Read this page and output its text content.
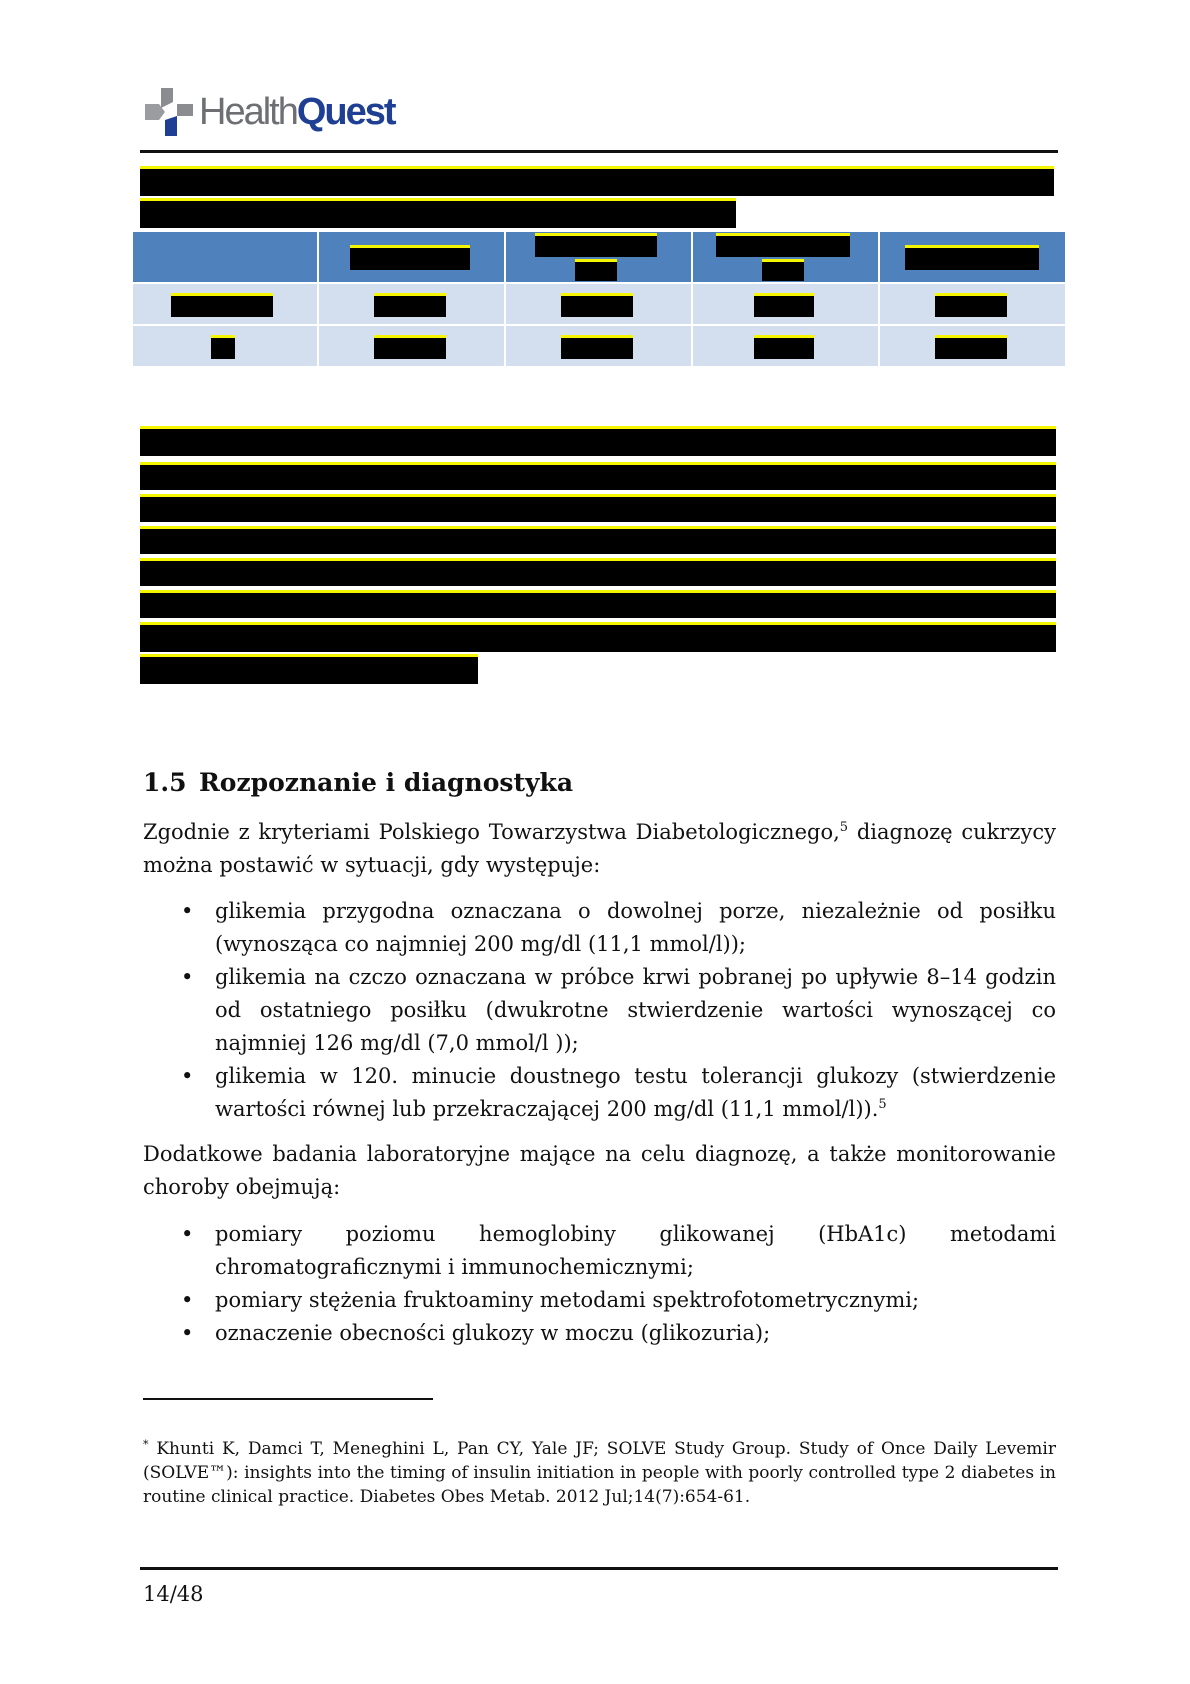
HealthQuest
1.5 Rozpoznanie i diagnostyka
Zgodnie z kryteriami Polskiego Towarzystwa Diabetologicznego,$^5$ diagnozę cukrzycy można postawić w sytuacji, gdy występuje:
• glikemia przygodna oznaczana o dowolnej porze, niezależnie od posiłku (wynosząca co najmniej 200 mg/dl (11,1 mmol/l));
• glikemia na czczo oznaczana w próbce krwi pobranej po upływie 8–14 godzin od ostatniego posiłku (dwukrotne stwierdzenie wartości wynoszącej co najmniej 126 mg/dl (7,0 mmol/l ));
• glikemia w 120. minucie doustnego testu tolerancji glukozy (stwierdzenie wartości równej lub przekraczającej 200 mg/dl (11,1 mmol/l)).$^5$
Dodatkowe badania laboratoryjne mające na celu diagnozę, a także monitorowanie choroby obejmują:
• pomiary poziomu hemoglobiny glikowanej (HbA1c) metodami chromatograficznymi i immunochemicznymi;
• pomiary stężenia fruktoaminy metodami spektrofotometrycznymi;
• oznaczenie obecności glukozy w moczu (glikozuria);
* Khunti K, Damci T, Meneghini L, Pan CY, Yale JF; SOLVE Study Group. Study of Once Daily Levemir (SOLVE™): insights into the timing of insulin initiation in people with poorly controlled type 2 diabetes in routine clinical practice. Diabetes Obes Metab. 2012 Jul;14(7):654-61.
14/48
